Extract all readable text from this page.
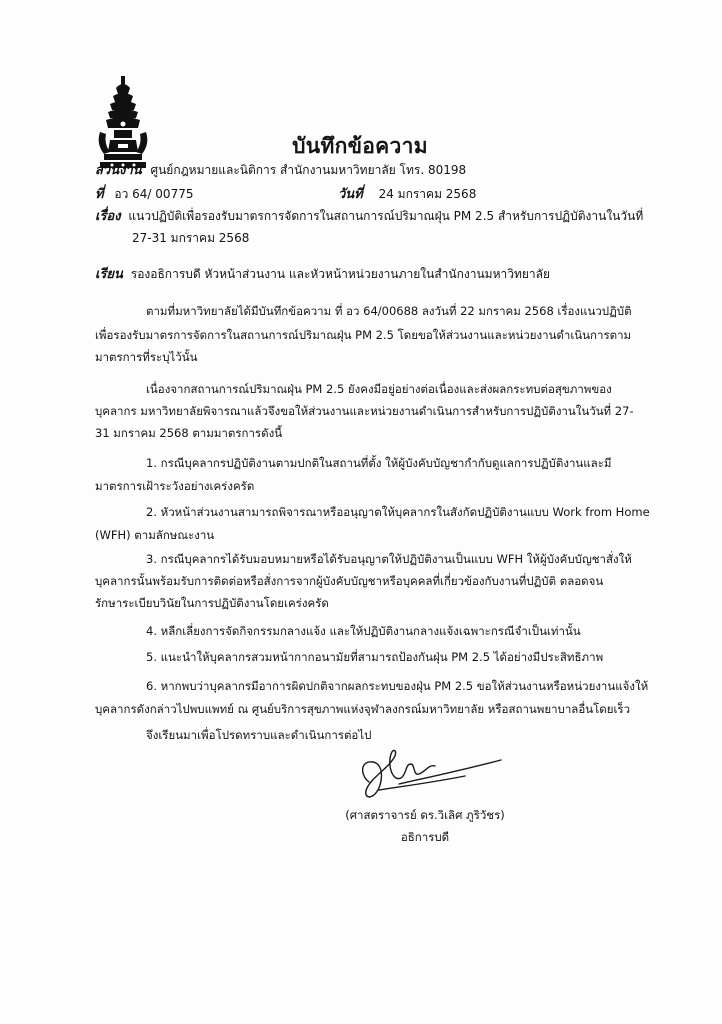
บันทึกข้อความ
ส่วนงาน ศูนย์กฎหมายและนิติการ สำนักงานมหาวิทยาลัย โทร. 80198
ที่ อว 64/ 00775	วันที่ 24 มกราคม 2568
เรื่อง แนวปฏิบัติเพื่อรองรับมาตรการจัดการในสถานการณ์ปริมาณฝุ่น PM 2.5 สำหรับการปฏิบัติงานในวันที่
27-31 มกราคม 2568
เรียน รองอธิการบดี หัวหน้าส่วนงาน และหัวหน้าหน่วยงานภายในสำนักงานมหาวิทยาลัย
ตามที่มหาวิทยาลัยได้มีบันทึกข้อความ ที่ อว 64/00688 ลงวันที่ 22 มกราคม 2568 เรื่องแนวปฏิบัติ
เพื่อรองรับมาตรการจัดการในสถานการณ์ปริมาณฝุ่น PM 2.5 โดยขอให้ส่วนงานและหน่วยงานดำเนินการตาม
มาตรการที่ระบุไว้นั้น
เนื่องจากสถานการณ์ปริมาณฝุ่น PM 2.5 ยังคงมีอยู่อย่างต่อเนื่องและส่งผลกระทบต่อสุขภาพของ
บุคลากร มหาวิทยาลัยพิจารณาแล้วจึงขอให้ส่วนงานและหน่วยงานดำเนินการสำหรับการปฏิบัติงานในวันที่ 27-
31 มกราคม 2568 ตามมาตรการดังนี้
1. กรณีบุคลากรปฏิบัติงานตามปกติในสถานที่ตั้ง ให้ผู้บังคับบัญชากำกับดูแลการปฏิบัติงานและมี
มาตรการเฝ้าระวังอย่างเคร่งครัด
2. หัวหน้าส่วนงานสามารถพิจารณาหรืออนุญาตให้บุคลากรในสังกัดปฏิบัติงานแบบ Work from Home
(WFH) ตามลักษณะงาน
3. กรณีบุคลากรได้รับมอบหมายหรือได้รับอนุญาตให้ปฏิบัติงานเป็นแบบ WFH ให้ผู้บังคับบัญชาสั่งให้
บุคลากรนั้นพร้อมรับการติดต่อหรือสั่งการจากผู้บังคับบัญชาหรือบุคคลที่เกี่ยวข้องกับงานที่ปฏิบัติ ตลอดจน
รักษาระเบียบวินัยในการปฏิบัติงานโดยเคร่งครัด
4. หลีกเลี่ยงการจัดกิจกรรมกลางแจ้ง และให้ปฏิบัติงานกลางแจ้งเฉพาะกรณีจำเป็นเท่านั้น
5. แนะนำให้บุคลากรสวมหน้ากากอนามัยที่สามารถป้องกันฝุ่น PM 2.5 ได้อย่างมีประสิทธิภาพ
6. หากพบว่าบุคลากรมีอาการผิดปกติจากผลกระทบของฝุ่น PM 2.5 ขอให้ส่วนงานหรือหน่วยงานแจ้งให้
บุคลากรดังกล่าวไปพบแพทย์ ณ ศูนย์บริการสุขภาพแห่งจุฬาลงกรณ์มหาวิทยาลัย หรือสถานพยาบาลอื่นโดยเร็ว
จึงเรียนมาเพื่อโปรดทราบและดำเนินการต่อไป
(ศาสตราจารย์ ดร.วิเลิศ ภูริวัชร)
อธิการบดี
